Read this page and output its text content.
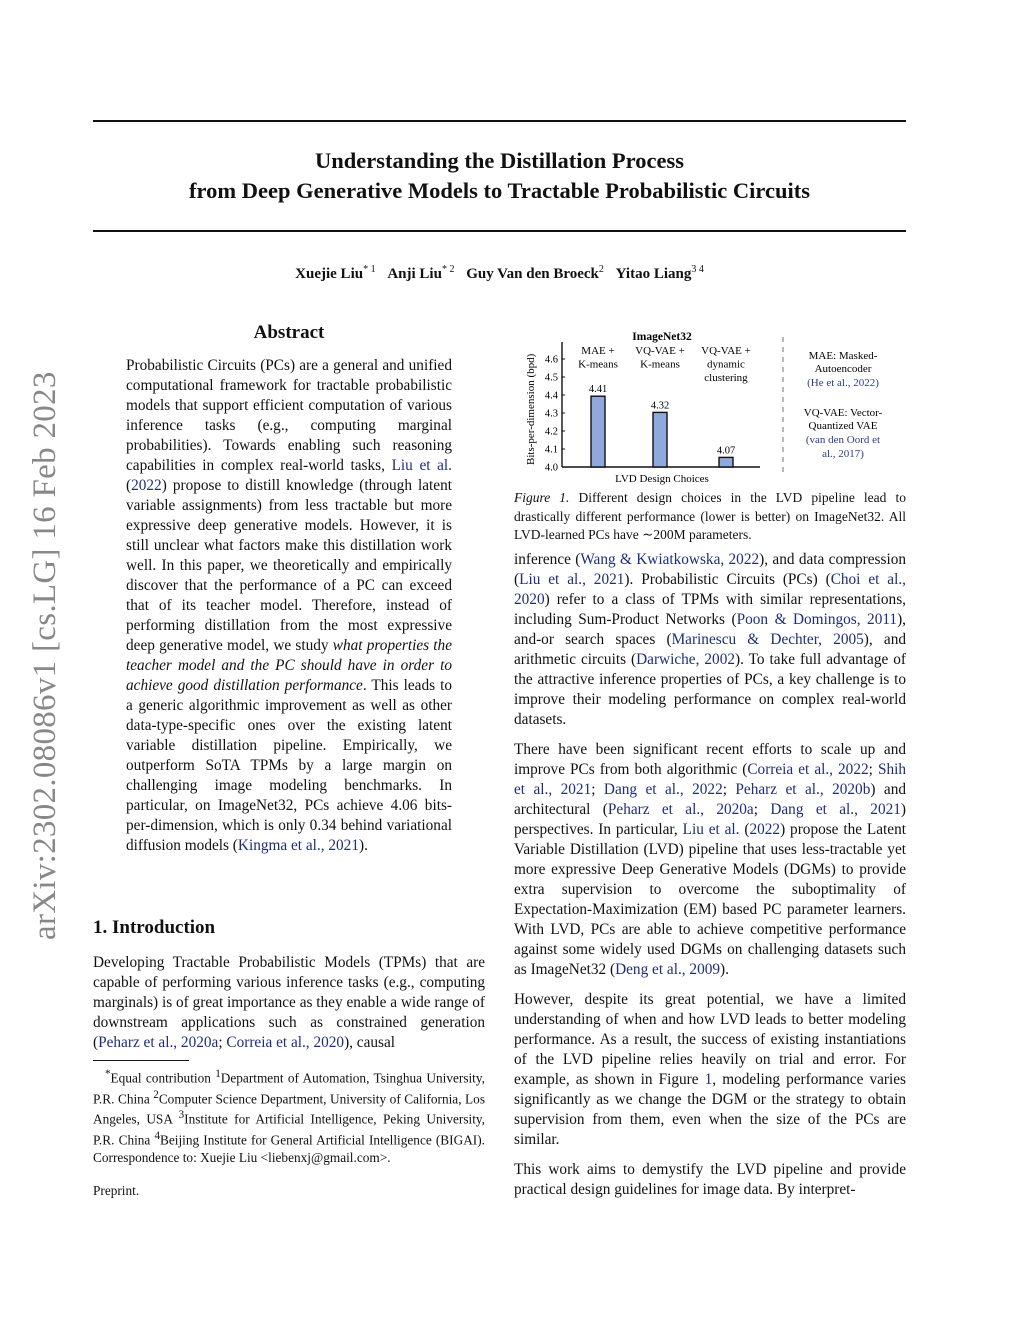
arXiv:2302.08086v1 [cs.LG] 16 Feb 2023
Understanding the Distillation Process
from Deep Generative Models to Tractable Probabilistic Circuits
Xuejie Liu$^{* 1}$ Anji Liu$^{* 2}$ Guy Van den Broeck$^2$ Yitao Liang$^{3 4}$
Abstract

Probabilistic Circuits (PCs) are a general and unified computational framework for tractable probabilistic models that support efficient computation of various inference tasks (e.g., computing marginal probabilities). Towards enabling such reasoning capabilities in complex real-world tasks, Liu et al. (2022) propose to distill knowledge (through latent variable assignments) from less tractable but more expressive deep generative models. However, it is still unclear what factors make this distillation work well. In this paper, we theoretically and empirically discover that the performance of a PC can exceed that of its teacher model. Therefore, instead of performing distillation from the most expressive deep generative model, we study what properties the teacher model and the PC should have in order to achieve good distillation performance. This leads to a generic algorithmic improvement as well as other data-type-specific ones over the existing latent variable distillation pipeline. Empirically, we outperform SoTA TPMs by a large margin on challenging image modeling benchmarks. In particular, on ImageNet32, PCs achieve 4.06 bits-per-dimension, which is only 0.34 behind variational diffusion models (Kingma et al., 2021).

1. Introduction

Developing Tractable Probabilistic Models (TPMs) that are capable of performing various inference tasks (e.g., computing marginals) is of great importance as they enable a wide range of downstream applications such as constrained generation (Peharz et al., 2020a; Correia et al., 2020), causal

*Equal contribution $^1$Department of Automation, Tsinghua University, P.R. China $^2$Computer Science Department, University of California, Los Angeles, USA $^3$Institute for Artificial Intelligence, Peking University, P.R. China $^4$Beijing Institute for General Artificial Intelligence (BIGAI). Correspondence to: Xuejie Liu <liebenxj@gmail.com>.

Preprint.
ImageNet32
Bits-per-dimension (bpd)
4.0
4.1
4.2
4.3
4.4
4.5
4.6
4.41
4.32
4.07
MAE +
K-means
VQ-VAE +
K-means
VQ-VAE +
dynamic
clustering
LVD Design Choices
MAE: Masked-
Autoencoder
(He et al., 2022)
VQ-VAE: Vector-
Quantized VAE
(van den Oord et
al., 2017)
Figure 1. Different design choices in the LVD pipeline lead to drastically different performance (lower is better) on ImageNet32. All LVD-learned PCs have ∼200M parameters.

inference (Wang & Kwiatkowska, 2022), and data compression (Liu et al., 2021). Probabilistic Circuits (PCs) (Choi et al., 2020) refer to a class of TPMs with similar representations, including Sum-Product Networks (Poon & Domingos, 2011), and-or search spaces (Marinescu & Dechter, 2005), and arithmetic circuits (Darwiche, 2002). To take full advantage of the attractive inference properties of PCs, a key challenge is to improve their modeling performance on complex real-world datasets.

There have been significant recent efforts to scale up and improve PCs from both algorithmic (Correia et al., 2022; Shih et al., 2021; Dang et al., 2022; Peharz et al., 2020b) and architectural (Peharz et al., 2020a; Dang et al., 2021) perspectives. In particular, Liu et al. (2022) propose the Latent Variable Distillation (LVD) pipeline that uses less-tractable yet more expressive Deep Generative Models (DGMs) to provide extra supervision to overcome the suboptimality of Expectation-Maximization (EM) based PC parameter learners. With LVD, PCs are able to achieve competitive performance against some widely used DGMs on challenging datasets such as ImageNet32 (Deng et al., 2009).

However, despite its great potential, we have a limited understanding of when and how LVD leads to better modeling performance. As a result, the success of existing instantiations of the LVD pipeline relies heavily on trial and error. For example, as shown in Figure 1, modeling performance varies significantly as we change the DGM or the strategy to obtain supervision from them, even when the size of the PCs are similar.

This work aims to demystify the LVD pipeline and provide practical design guidelines for image data. By interpret-
